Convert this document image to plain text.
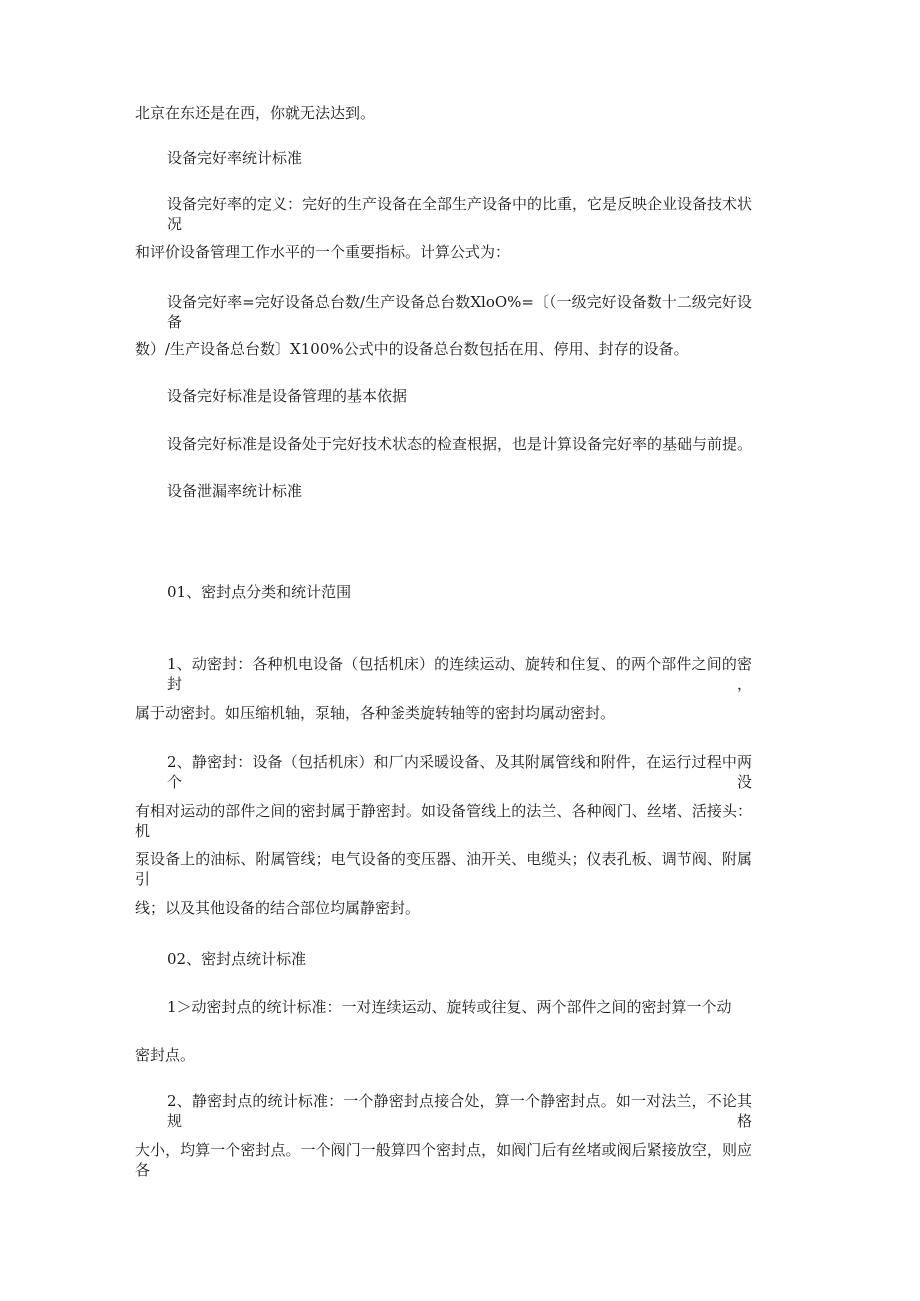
北京在东还是在西，你就无法达到。
设备完好率统计标准
设备完好率的定义：完好的生产设备在全部生产设备中的比重，它是反映企业设备技术状况
和评价设备管理工作水平的一个重要指标。计算公式为：
设备完好率=完好设备总台数/生产设备总台数XloO%=〔（一级完好设备数十二级完好设备
数）/生产设备总台数〕X100%公式中的设备总台数包括在用、停用、封存的设备。
设备完好标准是设备管理的基本依据
设备完好标准是设备处于完好技术状态的检查根据，也是计算设备完好率的基础与前提。
设备泄漏率统计标准
01、密封点分类和统计范围
1、动密封：各种机电设备（包括机床）的连续运动、旋转和住复、的两个部件之间的密封，
属于动密封。如压缩机轴，泵轴，各种釜类旋转轴等的密封均属动密封。
2、静密封：设备（包括机床）和厂内采暖设备、及其附属管线和附件，在运行过程中两个没
有相对运动的部件之间的密封属于静密封。如设备管线上的法兰、各种阀门、丝堵、活接头：机
泵设备上的油标、附属管线；电气设备的变压器、油开关、电缆头；仪表孔板、调节阀、附属引
线；以及其他设备的结合部位均属静密封。
02、密封点统计标准
1＞动密封点的统计标准：一对连续运动、旋转或往复、两个部件之间的密封算一个动
密封点。
2、静密封点的统计标准：一个静密封点接合处，算一个静密封点。如一对法兰，不论其规格
大小，均算一个密封点。一个阀门一般算四个密封点，如阀门后有丝堵或阀后紧接放空，则应各
